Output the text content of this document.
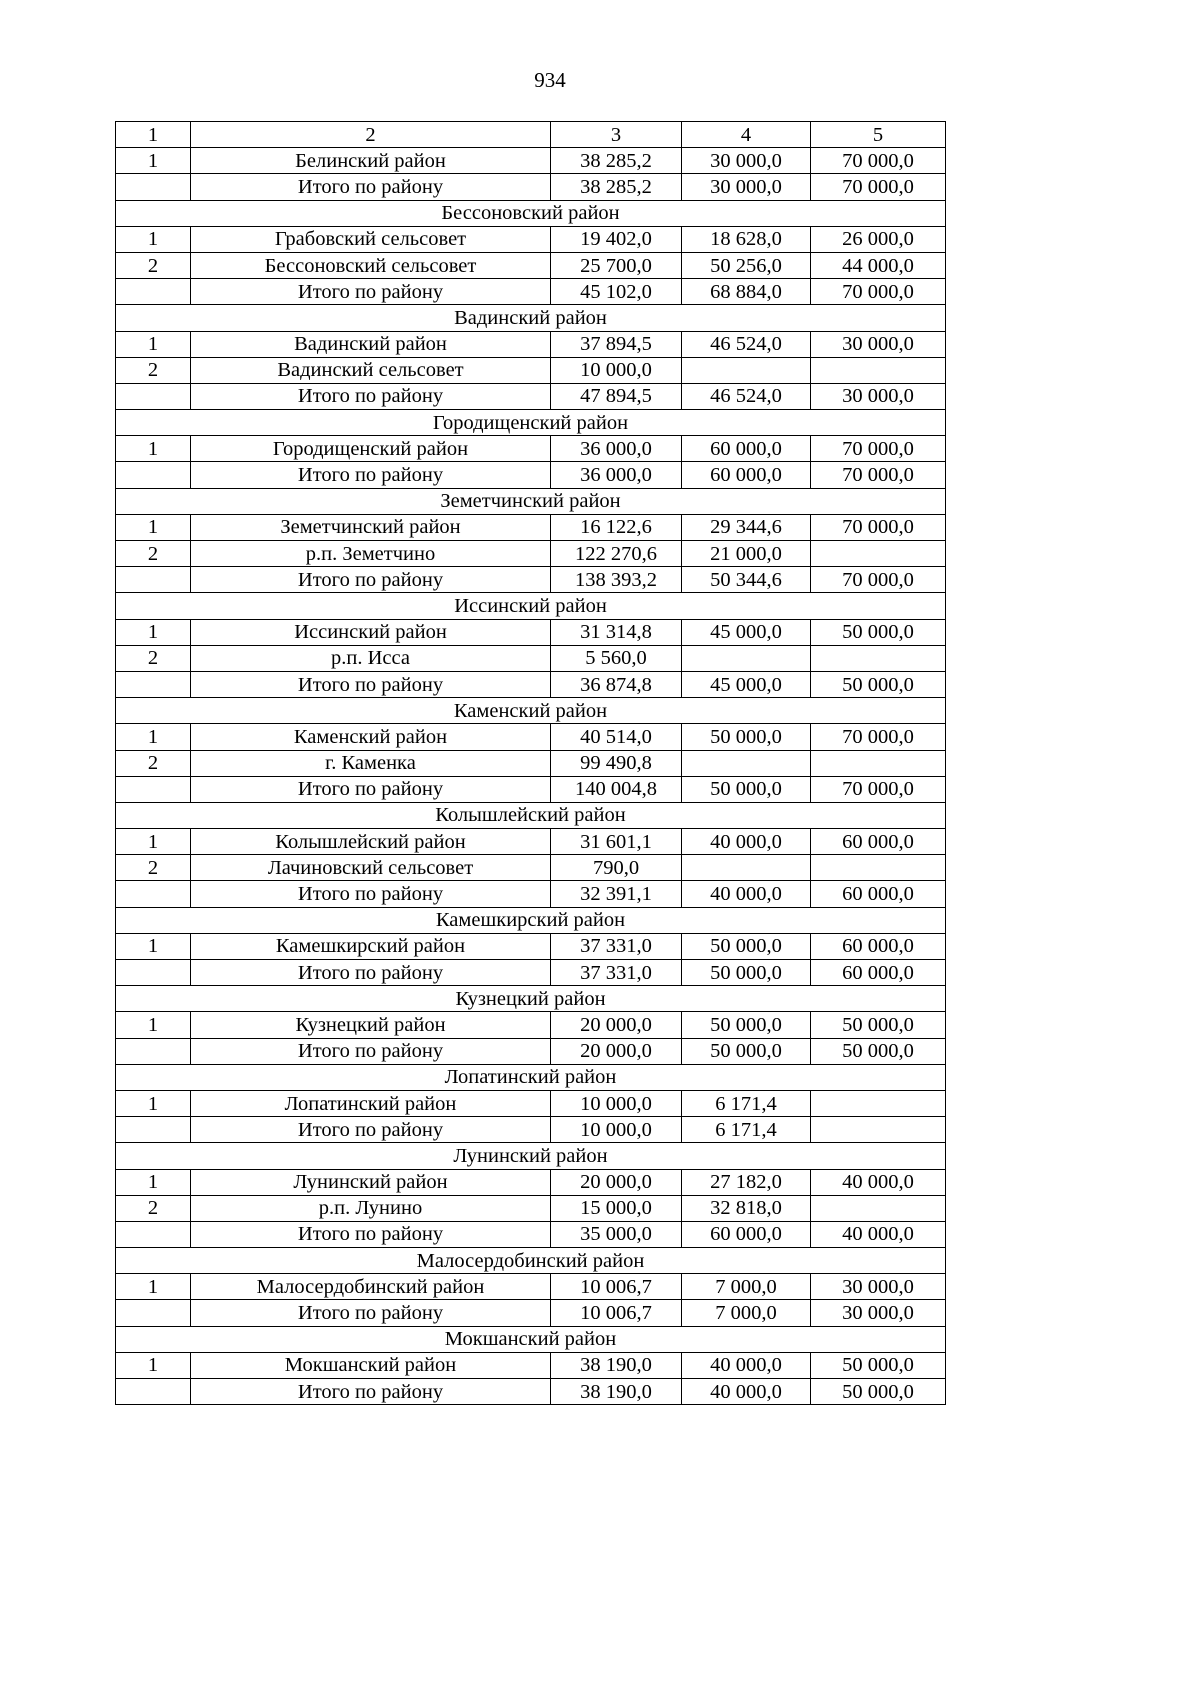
934
1	2	3	4	5
1	Белинский район	38 285,2	30 000,0	70 000,0
	Итого по району	38 285,2	30 000,0	70 000,0
Бессоновский район				
1	Грабовский сельсовет	19 402,0	18 628,0	26 000,0
2	Бессоновский сельсовет	25 700,0	50 256,0	44 000,0
	Итого по району	45 102,0	68 884,0	70 000,0
Вадинский район				
1	Вадинский район	37 894,5	46 524,0	30 000,0
2	Вадинский сельсовет	10 000,0		
	Итого по району	47 894,5	46 524,0	30 000,0
Городищенский район				
1	Городищенский район	36 000,0	60 000,0	70 000,0
	Итого по району	36 000,0	60 000,0	70 000,0
Земетчинский район				
1	Земетчинский район	16 122,6	29 344,6	70 000,0
2	р.п. Земетчино	122 270,6	21 000,0	
	Итого по району	138 393,2	50 344,6	70 000,0
Иссинский район				
1	Иссинский район	31 314,8	45 000,0	50 000,0
2	р.п. Исса	5 560,0		
	Итого по району	36 874,8	45 000,0	50 000,0
Каменский район				
1	Каменский район	40 514,0	50 000,0	70 000,0
2	г. Каменка	99 490,8		
	Итого по району	140 004,8	50 000,0	70 000,0
Колышлейский район				
1	Колышлейский район	31 601,1	40 000,0	60 000,0
2	Лачиновский сельсовет	790,0		
	Итого по району	32 391,1	40 000,0	60 000,0
Камешкирский район				
1	Камешкирский район	37 331,0	50 000,0	60 000,0
	Итого по району	37 331,0	50 000,0	60 000,0
Кузнецкий район				
1	Кузнецкий район	20 000,0	50 000,0	50 000,0
	Итого по району	20 000,0	50 000,0	50 000,0
Лопатинский район				
1	Лопатинский район	10 000,0	6 171,4	
	Итого по району	10 000,0	6 171,4	
Лунинский район				
1	Лунинский район	20 000,0	27 182,0	40 000,0
2	р.п. Лунино	15 000,0	32 818,0	
	Итого по району	35 000,0	60 000,0	40 000,0
Малосердобинский район				
1	Малосердобинский район	10 006,7	7 000,0	30 000,0
	Итого по району	10 006,7	7 000,0	30 000,0
Мокшанский район				
1	Мокшанский район	38 190,0	40 000,0	50 000,0
	Итого по району	38 190,0	40 000,0	50 000,0
